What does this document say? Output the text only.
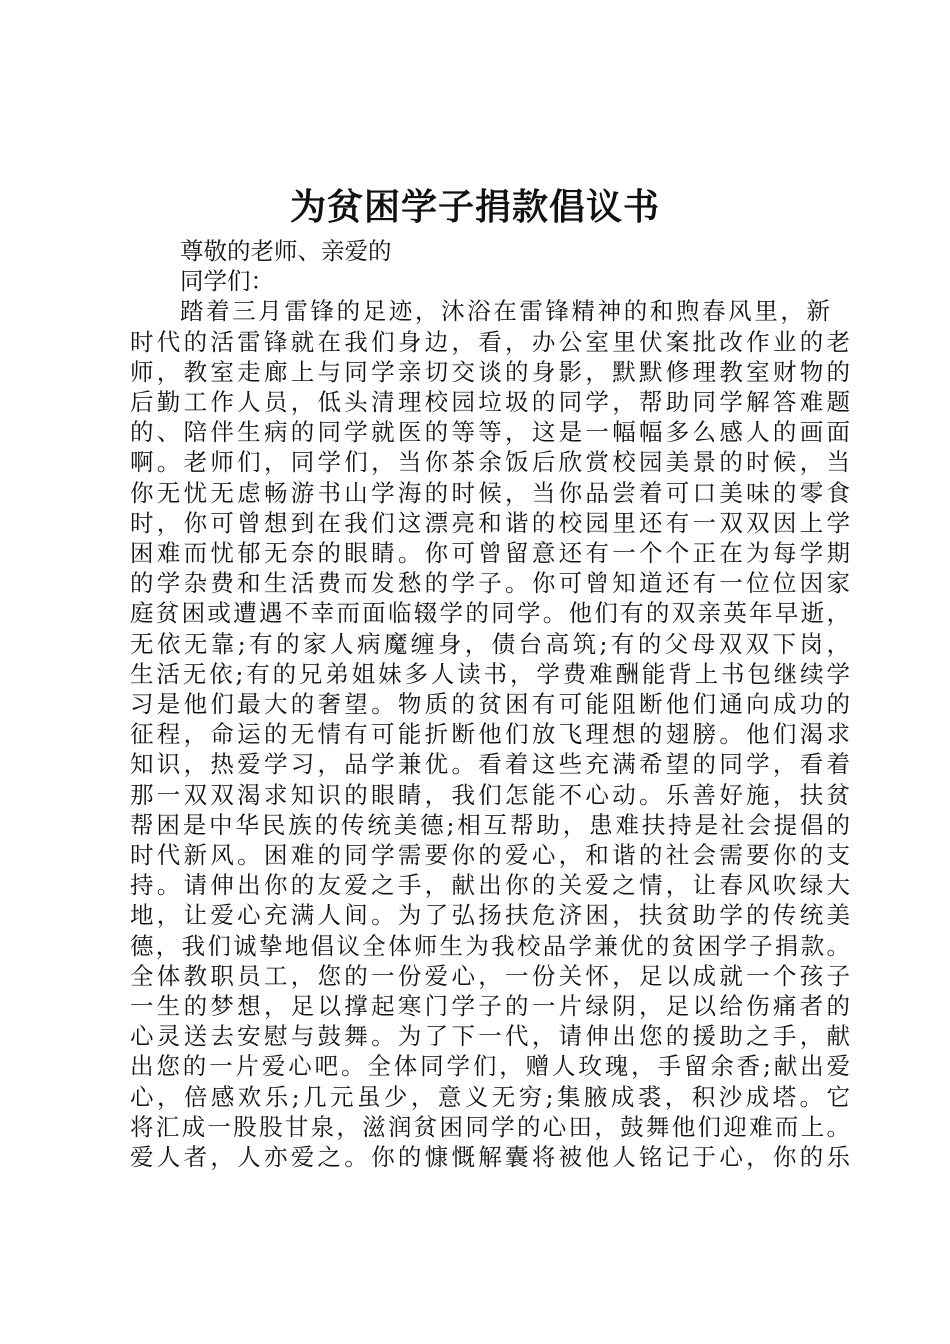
为贫困学子捐款倡议书
尊敬的老师、亲爱的
同学们：
踏着三月雷锋的足迹，沐浴在雷锋精神的和煦春风里，新
时代的活雷锋就在我们身边，看，办公室里伏案批改作业的老
师，教室走廊上与同学亲切交谈的身影，默默修理教室财物的
后勤工作人员，低头清理校园垃圾的同学，帮助同学解答难题
的、陪伴生病的同学就医的等等，这是一幅幅多么感人的画面
啊。老师们，同学们，当你茶余饭后欣赏校园美景的时候，当
你无忧无虑畅游书山学海的时候，当你品尝着可口美味的零食
时，你可曾想到在我们这漂亮和谐的校园里还有一双双因上学
困难而忧郁无奈的眼睛。你可曾留意还有一个个正在为每学期
的学杂费和生活费而发愁的学子。你可曾知道还有一位位因家
庭贫困或遭遇不幸而面临辍学的同学。他们有的双亲英年早逝，
无依无靠;有的家人病魔缠身，债台高筑;有的父母双双下岗，
生活无依;有的兄弟姐妹多人读书，学费难酬能背上书包继续学
习是他们最大的奢望。物质的贫困有可能阻断他们通向成功的
征程，命运的无情有可能折断他们放飞理想的翅膀。他们渴求
知识，热爱学习，品学兼优。看着这些充满希望的同学，看着
那一双双渴求知识的眼睛，我们怎能不心动。乐善好施，扶贫
帮困是中华民族的传统美德;相互帮助，患难扶持是社会提倡的
时代新风。困难的同学需要你的爱心，和谐的社会需要你的支
持。请伸出你的友爱之手，献出你的关爱之情，让春风吹绿大
地，让爱心充满人间。为了弘扬扶危济困，扶贫助学的传统美
德，我们诚挚地倡议全体师生为我校品学兼优的贫困学子捐款。
全体教职员工，您的一份爱心，一份关怀，足以成就一个孩子
一生的梦想，足以撑起寒门学子的一片绿阴，足以给伤痛者的
心灵送去安慰与鼓舞。为了下一代，请伸出您的援助之手，献
出您的一片爱心吧。全体同学们，赠人玫瑰，手留余香;献出爱
心，倍感欢乐;几元虽少，意义无穷;集腋成裘，积沙成塔。它
将汇成一股股甘泉，滋润贫困同学的心田，鼓舞他们迎难而上。
爱人者，人亦爱之。你的慷慨解囊将被他人铭记于心，你的乐
